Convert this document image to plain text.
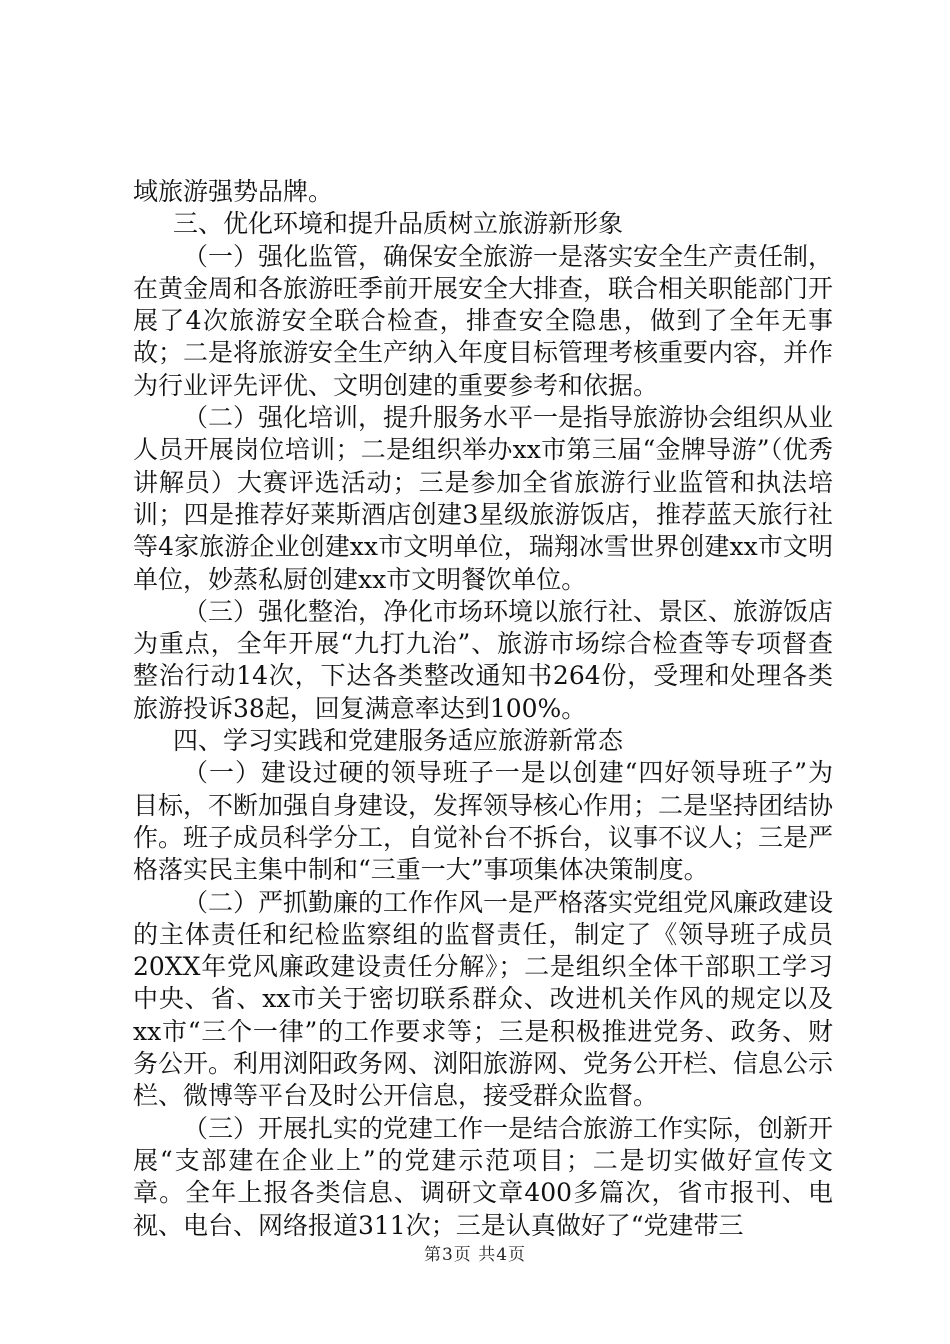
域旅游强势品牌。

三、优化环境和提升品质树立旅游新形象

（一）强化监管，确保安全旅游一是落实安全生产责任制，在黄金周和各旅游旺季前开展安全大排查，联合相关职能部门开展了4次旅游安全联合检查，排查安全隐患，做到了全年无事故；二是将旅游安全生产纳入年度目标管理考核重要内容，并作为行业评先评优、文明创建的重要参考和依据。

（二）强化培训，提升服务水平一是指导旅游协会组织从业人员开展岗位培训；二是组织举办xx市第三届“金牌导游”（优秀讲解员）大赛评选活动；三是参加全省旅游行业监管和执法培训；四是推荐好莱斯酒店创建3星级旅游饭店，推荐蓝天旅行社等4家旅游企业创建xx市文明单位，瑞翔冰雪世界创建xx市文明单位，妙蒸私厨创建xx市文明餐饮单位。

（三）强化整治，净化市场环境以旅行社、景区、旅游饭店为重点，全年开展“九打九治”、旅游市场综合检查等专项督查整治行动14次，下达各类整改通知书264份，受理和处理各类旅游投诉38起，回复满意率达到100%。

四、学习实践和党建服务适应旅游新常态

（一）建设过硬的领导班子一是以创建“四好领导班子”为目标，不断加强自身建设，发挥领导核心作用；二是坚持团结协作。班子成员科学分工，自觉补台不拆台，议事不议人；三是严格落实民主集中制和“三重一大”事项集体决策制度。

（二）严抓勤廉的工作作风一是严格落实党组党风廉政建设的主体责任和纪检监察组的监督责任，制定了《领导班子成员20XX年党风廉政建设责任分解》；二是组织全体干部职工学习中央、省、xx市关于密切联系群众、改进机关作风的规定以及xx市“三个一律”的工作要求等；三是积极推进党务、政务、财务公开。利用浏阳政务网、浏阳旅游网、党务公开栏、信息公示栏、微博等平台及时公开信息，接受群众监督。

（三）开展扎实的党建工作一是结合旅游工作实际，创新开展“支部建在企业上”的党建示范项目；二是切实做好宣传文章。全年上报各类信息、调研文章400多篇次，省市报刊、电视、电台、网络报道311次；三是认真做好了“党建带三

第3页 共4页
